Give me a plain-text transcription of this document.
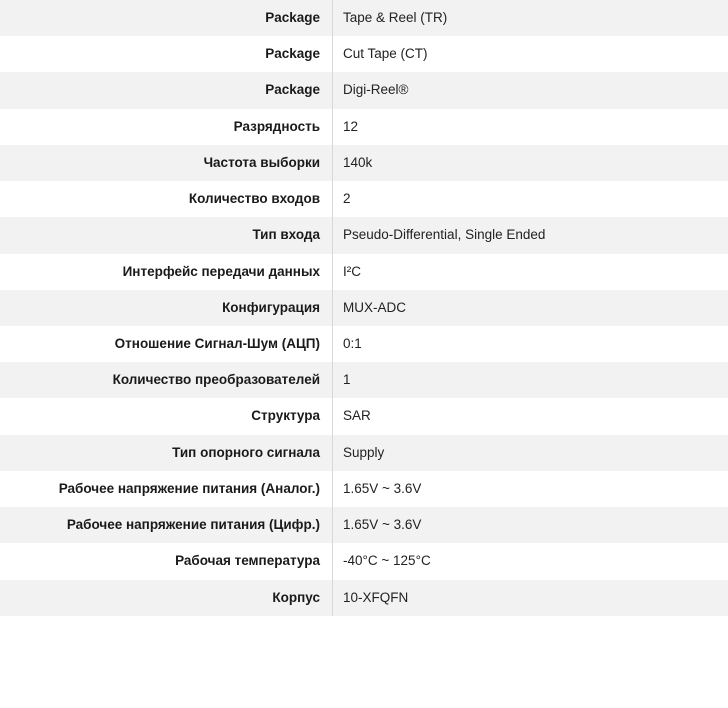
Package	Tape & Reel (TR)
Package	Cut Tape (CT)
Package	Digi-Reel®
Разрядность	12
Частота выборки	140k
Количество входов	2
Тип входа	Pseudo-Differential, Single Ended
Интерфейс передачи данных	I²C
Конфигурация	MUX-ADC
Отношение Сигнал-Шум (АЦП)	0:1
Количество преобразователей	1
Структура	SAR
Тип опорного сигнала	Supply
Рабочее напряжение питания (Аналог.)	1.65V ~ 3.6V
Рабочее напряжение питания (Цифр.)	1.65V ~ 3.6V
Рабочая температура	-40°C ~ 125°C
Корпус	10-XFQFN
